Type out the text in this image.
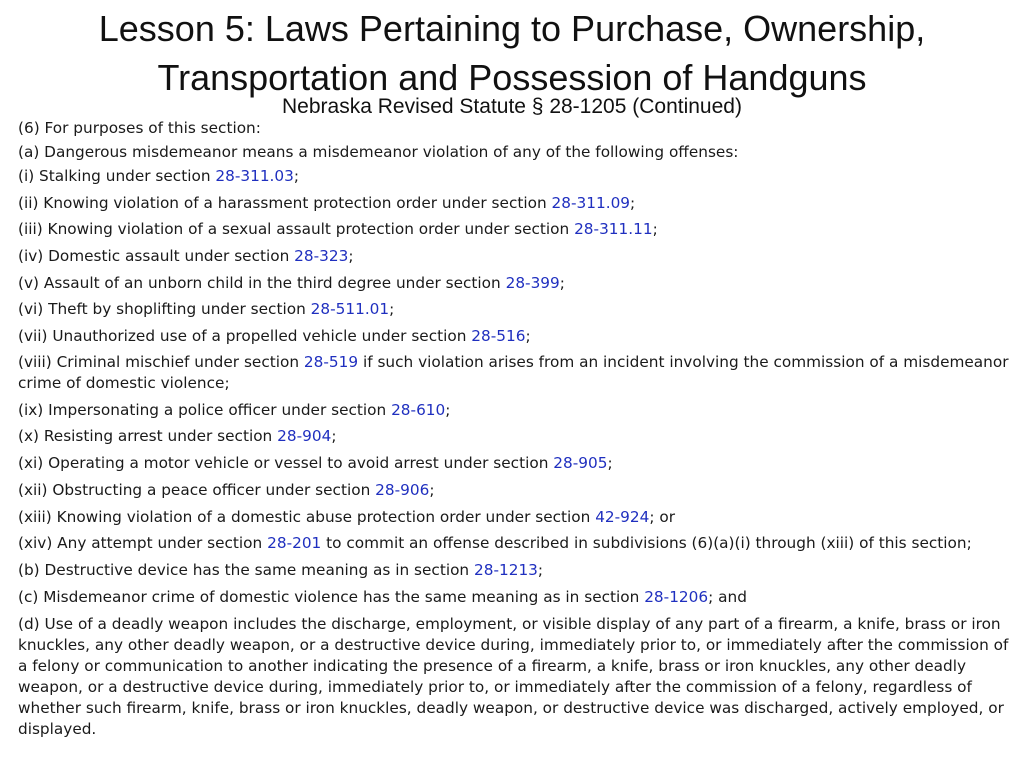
Lesson 5: Laws Pertaining to Purchase, Ownership,
Transportation and Possession of Handguns
Nebraska Revised Statute § 28-1205 (Continued)
(6) For purposes of this section:
(a) Dangerous misdemeanor means a misdemeanor violation of any of the following offenses:
(i) Stalking under section 28-311.03;
(ii) Knowing violation of a harassment protection order under section 28-311.09;
(iii) Knowing violation of a sexual assault protection order under section 28-311.11;
(iv) Domestic assault under section 28-323;
(v) Assault of an unborn child in the third degree under section 28-399;
(vi) Theft by shoplifting under section 28-511.01;
(vii) Unauthorized use of a propelled vehicle under section 28-516;
(viii) Criminal mischief under section 28-519 if such violation arises from an incident involving the commission of a misdemeanor crime of domestic violence;
(ix) Impersonating a police officer under section 28-610;
(x) Resisting arrest under section 28-904;
(xi) Operating a motor vehicle or vessel to avoid arrest under section 28-905;
(xii) Obstructing a peace officer under section 28-906;
(xiii) Knowing violation of a domestic abuse protection order under section 42-924; or
(xiv) Any attempt under section 28-201 to commit an offense described in subdivisions (6)(a)(i) through (xiii) of this section;
(b) Destructive device has the same meaning as in section 28-1213;
(c) Misdemeanor crime of domestic violence has the same meaning as in section 28-1206; and
(d) Use of a deadly weapon includes the discharge, employment, or visible display of any part of a firearm, a knife, brass or iron knuckles, any other deadly weapon, or a destructive device during, immediately prior to, or immediately after the commission of a felony or communication to another indicating the presence of a firearm, a knife, brass or iron knuckles, any other deadly weapon, or a destructive device during, immediately prior to, or immediately after the commission of a felony, regardless of whether such firearm, knife, brass or iron knuckles, deadly weapon, or destructive device was discharged, actively employed, or displayed.
